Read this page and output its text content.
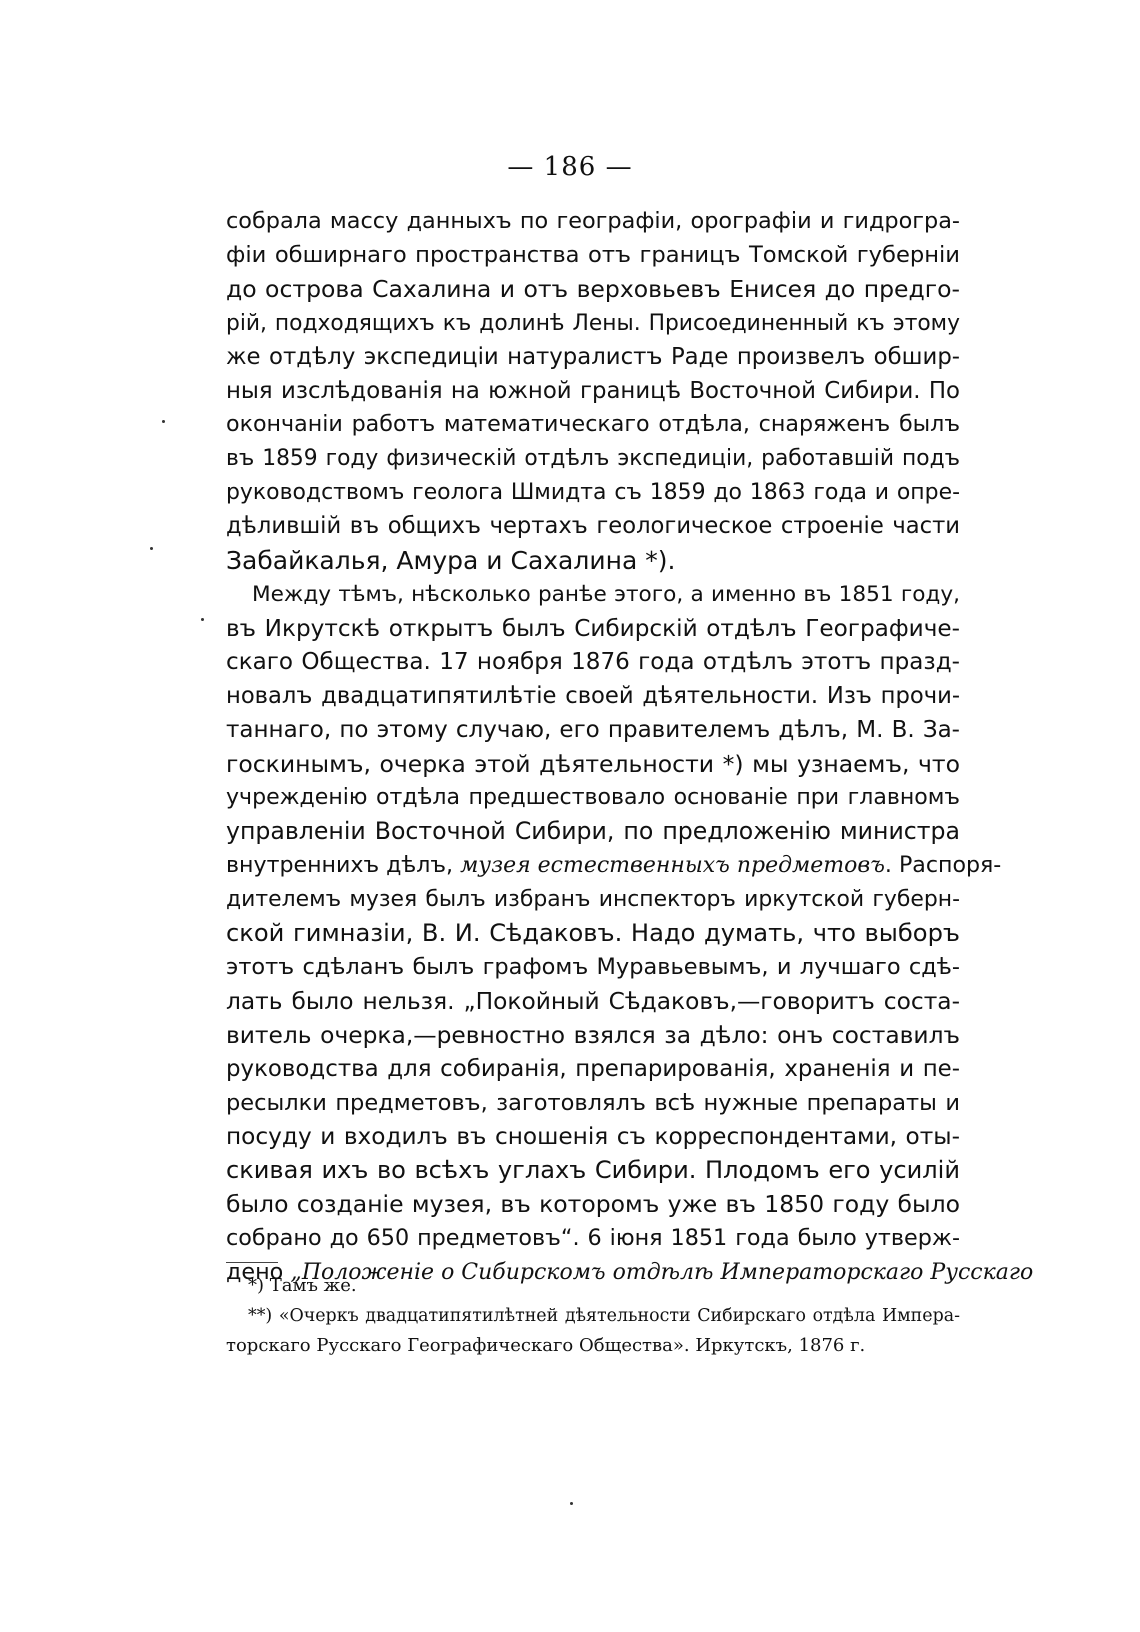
— 186 —
собрала массу данныхъ по географіи, орографіи и гидрогра-
фіи обширнаго пространства отъ границъ Томской губерніи
до острова Сахалина и отъ верховьевъ Енисея до предго-
рій, подходящихъ къ долинѣ Лены. Присоединенный къ этому
же отдѣлу экспедиціи натуралистъ Раде произвелъ обшир-
ныя изслѣдованія на южной границѣ Восточной Сибири. По
окончаніи работъ математическаго отдѣла, снаряженъ былъ
въ 1859 году физическій отдѣлъ экспедиціи, работавшій подъ
руководствомъ геолога Шмидта съ 1859 до 1863 года и опре-
дѣлившій въ общихъ чертахъ геологическое строеніе части
Забайкалья, Амура и Сахалина *).
Между тѣмъ, нѣсколько ранѣе этого, а именно въ 1851 году,
въ Икрутскѣ открытъ былъ Сибирскій отдѣлъ Географиче-
скаго Общества. 17 ноября 1876 года отдѣлъ этотъ празд-
новалъ двадцатипятилѣтіе своей дѣятельности. Изъ прочи-
таннаго, по этому случаю, его правителемъ дѣлъ, М. В. За-
госкинымъ, очерка этой дѣятельности *) мы узнаемъ, что
учрежденію отдѣла предшествовало основаніе при главномъ
управленіи Восточной Сибири, по предложенію министра
внутреннихъ дѣлъ, музея естественныхъ предметовъ. Распоря-
дителемъ музея былъ избранъ инспекторъ иркутской губерн-
ской гимназіи, В. И. Сѣдаковъ. Надо думать, что выборъ
этотъ сдѣланъ былъ графомъ Муравьевымъ, и лучшаго сдѣ-
лать было нельзя. „Покойный Сѣдаковъ,—говоритъ соста-
витель очерка,—ревностно взялся за дѣло: онъ составилъ
руководства для собиранія, препарированія, храненія и пе-
ресылки предметовъ, заготовлялъ всѣ нужные препараты и
посуду и входилъ въ сношенія съ корреспондентами, оты-
скивая ихъ во всѣхъ углахъ Сибири. Плодомъ его усилій
было созданіе музея, въ которомъ уже въ 1850 году было
собрано до 650 предметовъ“. 6 іюня 1851 года было утверж-
дено „Положеніе о Сибирскомъ отдѣлѣ Императорскаго Русскаго
*) Тамъ же.
**) «Очеркъ двадцатипятилѣтней дѣятельности Сибирскаго отдѣла Импера-
торскаго Русскаго Географическаго Общества». Иркутскъ, 1876 г.
